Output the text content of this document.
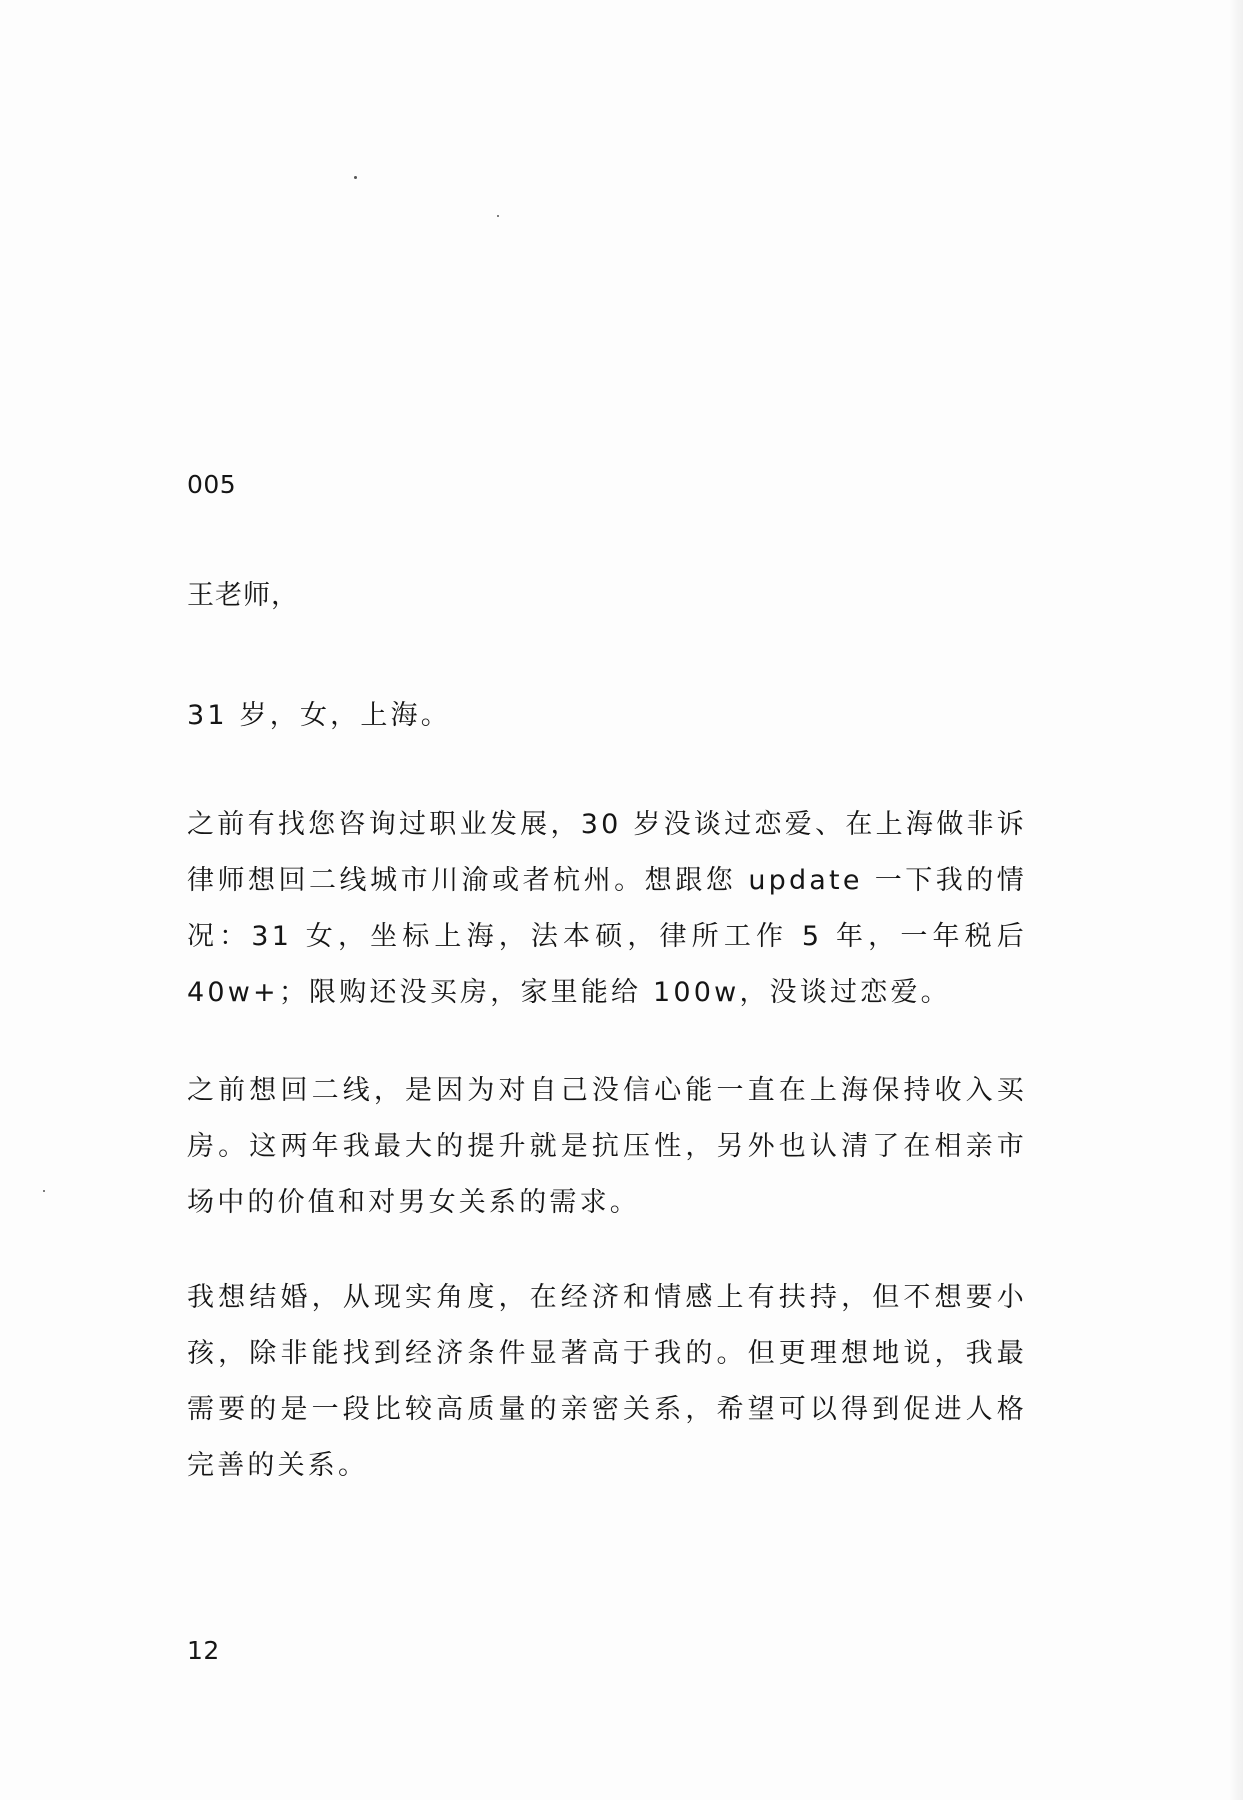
005
王老师，

31 岁，女，上海。

之前有找您咨询过职业发展，30 岁没谈过恋爱、在上海做非诉律师想回二线城市川渝或者杭州。想跟您 update 一下我的情况：31 女，坐标上海，法本硕，律所工作 5 年，一年税后 40w+；限购还没买房，家里能给 100w，没谈过恋爱。

之前想回二线，是因为对自己没信心能一直在上海保持收入买房。这两年我最大的提升就是抗压性，另外也认清了在相亲市场中的价值和对男女关系的需求。

我想结婚，从现实角度，在经济和情感上有扶持，但不想要小孩，除非能找到经济条件显著高于我的。但更理想地说，我最需要的是一段比较高质量的亲密关系，希望可以得到促进人格完善的关系。

12
